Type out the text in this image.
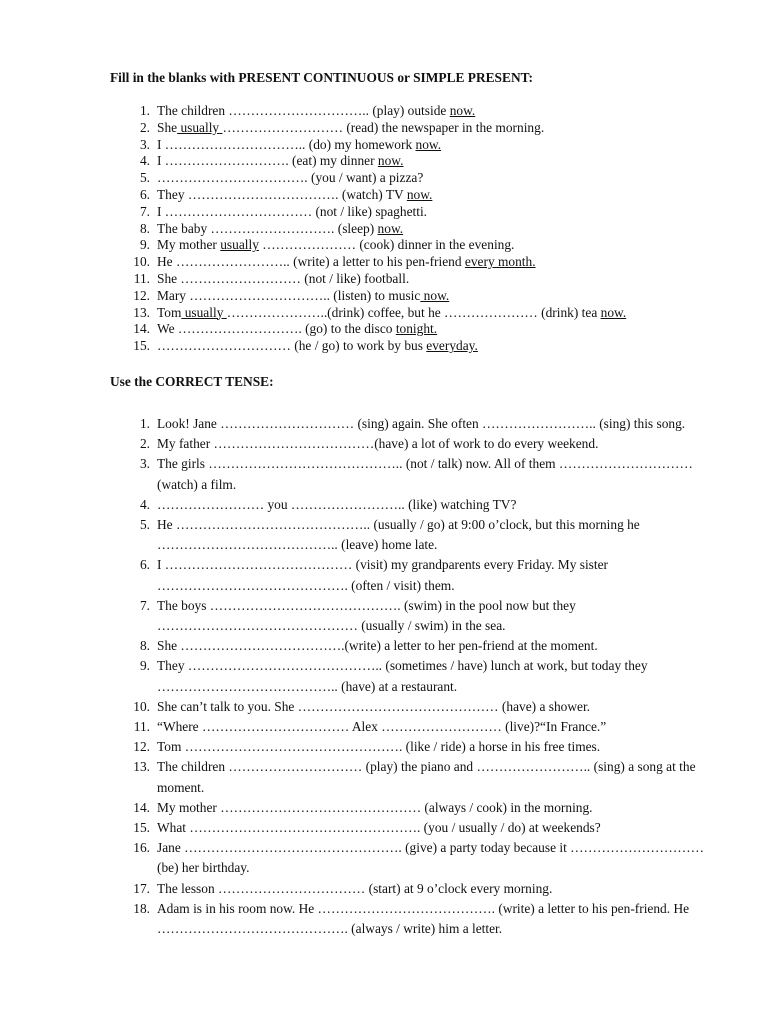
Fill in the blanks with PRESENT CONTINUOUS or SIMPLE PRESENT:
1. The children ………………………….. (play) outside now.
2. She usually ……………………… (read) the newspaper in the morning.
3. I ………………………….. (do) my homework now.
4. I ………………………. (eat) my dinner now.
5. ……………………………. (you / want) a pizza?
6. They ……………………………. (watch) TV now.
7. I …………………………… (not / like) spaghetti.
8. The baby ………………………. (sleep) now.
9. My mother usually ………………… (cook) dinner in the evening.
10. He …………………….. (write) a letter to his pen-friend every month.
11. She ……………………… (not / like) football.
12. Mary ………………………….. (listen) to music now.
13. Tom usually …………………..(drink) coffee, but he ………………… (drink) tea now.
14. We ………………………. (go) to the disco tonight.
15. ………………………… (he / go) to work by bus everyday.
Use the CORRECT TENSE:
1. Look! Jane ………………………… (sing) again. She often …………………….. (sing) this song.
2. My father ………………………………(have) a lot of work to do every weekend.
3. The girls …………………………………….. (not / talk) now. All of them ………………………… (watch) a film.
4. …………………… you …………………….. (like) watching TV?
5. He …………………………………….. (usually / go) at 9:00 o’clock, but this morning he ………………………………….. (leave) home late.
6. I …………………………………… (visit) my grandparents every Friday. My sister ……………………………………. (often / visit) them.
7. The boys ……………………………………. (swim) in the pool now but they ……………………………………… (usually / swim) in the sea.
8. She ……………………………….(write) a letter to her pen-friend at the moment.
9. They …………………………………….. (sometimes / have) lunch at work, but today they ………………………………….. (have) at a restaurant.
10. She can’t talk to you. She ……………………………………… (have) a shower.
11. “Where …………………………… Alex ……………………… (live)?“In France.”
12. Tom …………………………………………. (like / ride) a horse in his free times.
13. The children ………………………… (play) the piano and …………………….. (sing) a song at the moment.
14. My mother ……………………………………… (always / cook) in the morning.
15. What ……………………………………………. (you / usually / do) at weekends?
16. Jane …………………………………………. (give) a party today because it ………………………… (be) her birthday.
17. The lesson …………………………… (start) at 9 o’clock every morning.
18. Adam is in his room now. He …………………………………. (write) a letter to his pen-friend. He ……………………………………. (always / write) him a letter.
